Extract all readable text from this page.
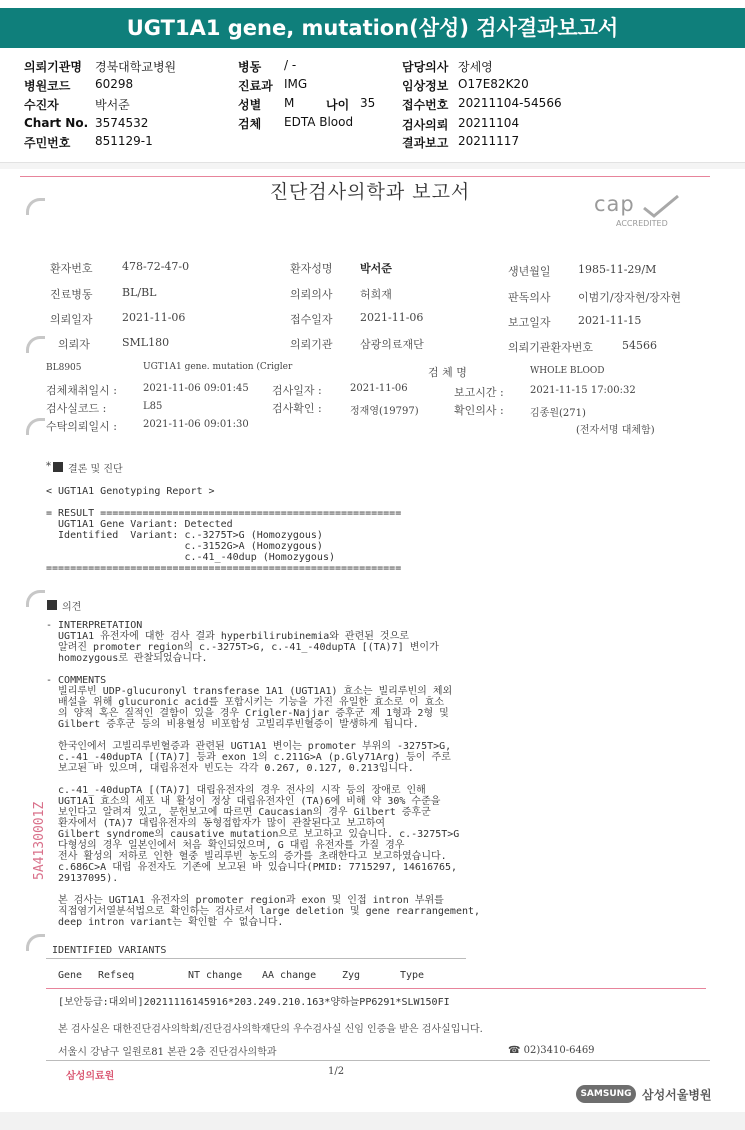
UGT1A1 gene, mutation(삼성) 검사결과보고서
의뢰기관명 경북대학교병원
병원코드 60298
수진자	박서준
Chart No. 3574532
주민번호 851129-1
병동 / -
진료과 IMG
성별 M	나이 35
검체 EDTA Blood
담당의사 장세영
임상정보 O17E82K20
접수번호 20211104-54566
검사의뢰 20211104
결과보고 20211117
진단검사의학과 보고서	cap
ACCREDITED
환자번호	478-72-47-0	환자성명 박서준	생년월일 1985-11-29/M
진료병동	BL/BL	의뢰의사 허희재	판독의사 이범기/장자현/장자현
의뢰일자	2021-11-06	접수일자 2021-11-06	보고일자 2021-11-15
의뢰자	SML180	의뢰기관 삼광의료재단	의뢰기관환자번호	54566
BL8905	UGT1A1 gene. mutation (Crigler	검 체 명	WHOLE BLOOD
검체채취일시 :	2021-11-06 09:01:45 검사일자 :	2021-11-06	보고시간 :	2021-11-15 17:00:32
검사실코드 :	L85	검사확인 :	정재영(19797)	확인의사 :	김종원(271)
수탁의뢰일시 :	2021-11-06 09:01:30
(전자서명 대체함)
* 결론 및 진단
< UGT1A1 Genotyping Report >
= RESULT ==================================================
UGT1A1 Gene Variant: Detected
Identified  Variant: c.-3275T>G (Homozygous)
c.-3152G>A (Homozygous)
c.-41_-40dup (Homozygous)
===========================================================
의견
- INTERPRETATION
UGT1A1 유전자에 대한 검사 결과 hyperbilirubinemia와 관련된 것으로
알려진 promoter region의 c.-3275T>G, c.-41_-40dupTA [(TA)7] 변이가
homozygous로 관찰되었습니다.
- COMMENTS
빌리루빈 UDP-glucuronyl transferase 1A1 (UGT1A1) 효소는 빌리루빈의 체외
배설을 위해 glucuronic acid를 포합시키는 기능을 가진 유일한 효소로 이 효소
의 양적 혹은 질적인 결함이 있을 경우 Crigler-Najjar 증후군 제 1형과 2형 및
Gilbert 증후군 등의 비용혈성 비포합성 고빌리루빈혈증이 발생하게 됩니다.
한국인에서 고빌리루빈혈증과 관련된 UGT1A1 변이는 promoter 부위의 -3275T>G,
c.-41_-40dupTA [(TA)7] 등과 exon 1의 c.211G>A (p.Gly71Arg) 등이 주로
보고된 바 있으며, 대립유전자 빈도는 각각 0.267, 0.127, 0.213입니다.
c.-41_-40dupTA [(TA)7] 대립유전자의 경우 전사의 시작 등의 장애로 인해
UGT1A1 효소의 세포 내 활성이 정상 대립유전자인 (TA)6에 비해 약 30% 수준을
보인다고 알려져 있고, 문헌보고에 따르면 Caucasian의 경우 Gilbert 증후군
환자에서 (TA)7 대립유전자의 동형접합자가 많이 관찰된다고 보고하여
Gilbert syndrome의 causative mutation으로 보고하고 있습니다. c.-3275T>G
다형성의 경우 일본인에서 처음 확인되었으며, G 대립 유전자를 가질 경우
전사 활성의 저하로 인한 혈중 빌리루빈 농도의 증가를 초래한다고 보고하였습니다.
c.686C>A 대립 유전자도 기존에 보고된 바 있습니다(PMID: 7715297, 14616765,
29137095).
본 검사는 UGT1A1 유전자의 promoter region과 exon 및 인접 intron 부위를
직접염기서열분석법으로 확인하는 검사로서 large deletion 및 gene rearrangement,
deep intron variant는 확인할 수 없습니다.
IDENTIFIED VARIANTS
Gene Refseq	NT change AA change	Zyg	Type
5A4130001Z
[보안등급:대외비]20211116145916*203.249.210.163*양하늘PP6291*SLW150FI
본 검사실은 대한진단검사의학회/진단검사의학재단의 우수검사실 신임 인증을 받은 검사실입니다.
서울시 강남구 일원로81 본관 2층 진단검사의학과	☎ 02)3410-6469
삼성의료원	1/2
SAMSUNG 삼성서울병원
